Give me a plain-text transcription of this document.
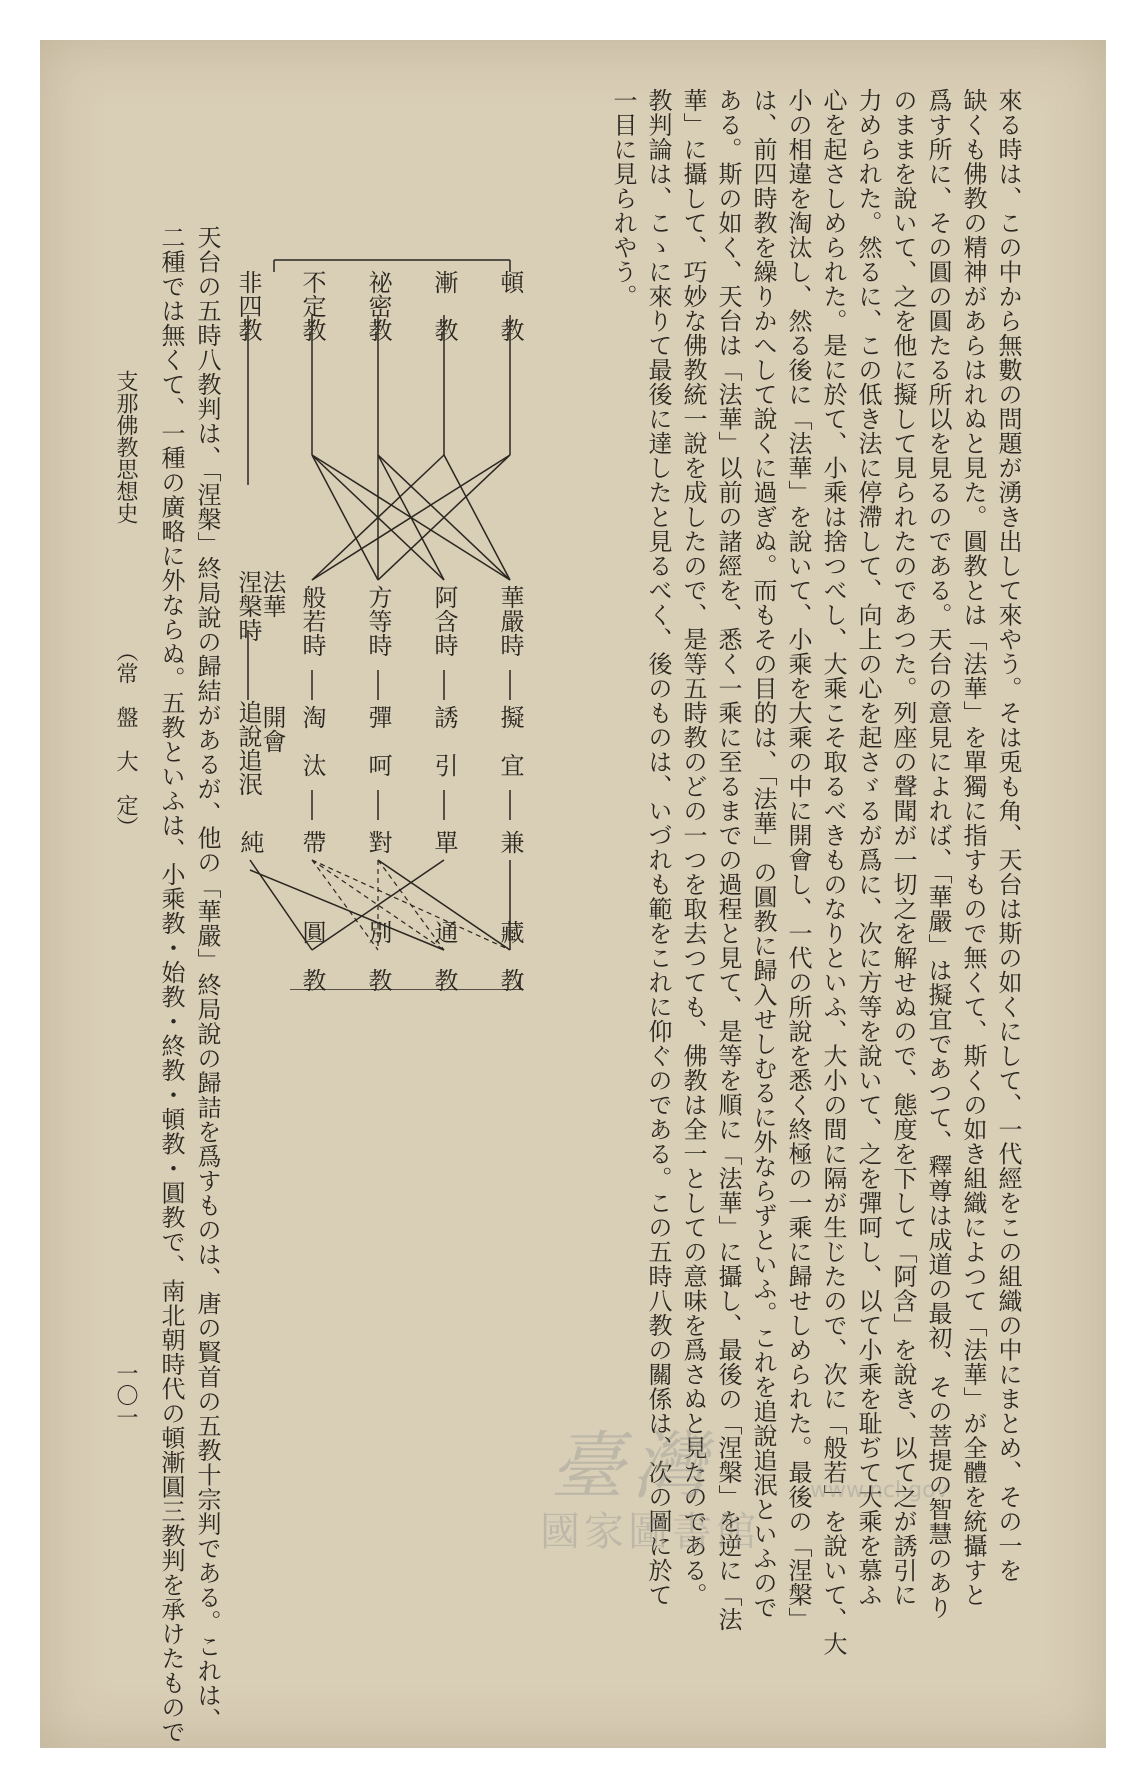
來る時は、この中から無數の問題が湧き出して來やう。そは兎も角、天台は斯の如くにして、一代經をこの組織の中にまとめ、その一を
缺くも佛教の精神があらはれぬと見た。圓教とは「法華」を單獨に指すもので無くて、斯くの如き組織によつて「法華」が全體を統攝すと
爲す所に、その圓の圓たる所以を見るのである。天台の意見によれば、「華嚴」は擬宜であつて、釋尊は成道の最初、その菩提の智慧のあり
のままを說いて、之を他に擬して見られたのであつた。列座の聲聞が一切之を解せぬので、態度を下して「阿含」を說き、以て之が誘引に
力められた。然るに、この低き法に停滯して、向上の心を起さゞるが爲に、次に方等を說いて、之を彈呵し、以て小乘を耻ぢて大乘を慕ふ
心を起さしめられた。是に於て、小乘は捨つべし、大乘こそ取るべきものなりといふ、大小の間に隔が生じたので、次に「般若」を說いて、大
小の相違を淘汰し、然る後に「法華」を說いて、小乘を大乘の中に開會し、一代の所說を悉く終極の一乘に歸せしめられた。最後の「涅槃」
は、前四時教を繰りかへして說くに過ぎぬ。而もその目的は、「法華」の圓教に歸入せしむるに外ならずといふ。これを追說追泯といふので
ある。斯の如く、天台は「法華」以前の諸經を、悉く一乘に至るまでの過程と見て、是等を順に「法華」に攝し、最後の「涅槃」を逆に「法
華」に攝して、巧妙な佛教統一說を成したので、是等五時教のどの一つを取去つても、佛教は全一としての意味を爲さぬと見たのである。
教判論は、こゝに來りて最後に達したと見るべく、後のものは、いづれも範をこれに仰ぐのである。この五時八教の關係は、次の圖に於て
一目に見られやう。
頓　教
漸　教
祕密教
不定教
非四教
華嚴時
阿含時
方等時
般若時
法華
涅槃時
擬　宜
誘　引
彈　呵
淘　汰
開會
追說追泯
兼
單
對
帶
純
藏　教
通　教
別　教
圓　教
天台の五時八教判は、「涅槃」終局說の歸結があるが、他の「華嚴」終局說の歸詰を爲すものは、唐の賢首の五教十宗判である。これは、
二種では無くて、一種の廣略に外ならぬ。五教といふは、小乘教・始教・終教・頓教・圓教で、南北朝時代の頓漸圓三教判を承けたもので
支那佛教思想史
（常　盤　大　定）
一〇一
臺灣	www.ncl.gov
國家圖書館
